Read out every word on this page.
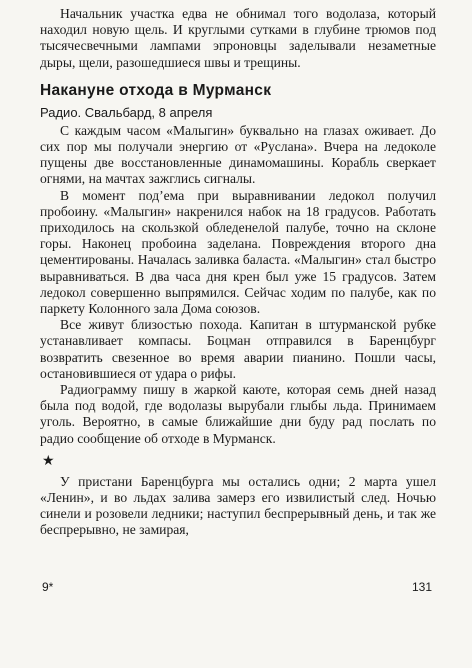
Начальник участка едва не обнимал того водолаза, который находил новую щель. И круглыми сутками в глубине трюмов под тысячесвечными лампами эпроновцы заделывали незаметные дыры, щели, разошедшиеся швы и трещины.

Накануне отхода в Мурманск
Радио. Свальбард, 8 апреля

С каждым часом «Малыгин» буквально на глазах оживает. До сих пор мы получали энергию от «Руслана». Вчера на ледоколе пущены две восстановленные динамомашины. Корабль сверкает огнями, на мачтах зажглись сигналы.

В момент под’ема при выравнивании ледокол получил пробоину. «Малыгин» накренился набок на 18 градусов. Работать приходилось на скользкой обледенелой палубе, точно на склоне горы. Наконец пробоина заделана. Повреждения второго дна цементированы. Началась заливка баласта. «Малыгин» стал быстро выравниваться. В два часа дня крен был уже 15 градусов. Затем ледокол совершенно выпрямился. Сейчас ходим по палубе, как по паркету Колонного зала Дома союзов.

Все живут близостью похода. Капитан в штурманской рубке устанавливает компасы. Боцман отправился в Баренцбург возвратить свезенное во время аварии пианино. Пошли часы, остановившиеся от удара о рифы.

Радиограмму пишу в жаркой каюте, которая семь дней назад была под водой, где водолазы вырубали глыбы льда. Принимаем уголь. Вероятно, в самые ближайшие дни буду рад послать по радио сообщение об отходе в Мурманск.

★

У пристани Баренцбурга мы остались одни; 2 марта ушел «Ленин», и во льдах залива замерз его извилистый след. Ночью синели и розовели ледники; наступил беспрерывный день, и так же беспрерывно, не замирая,

9*	131
